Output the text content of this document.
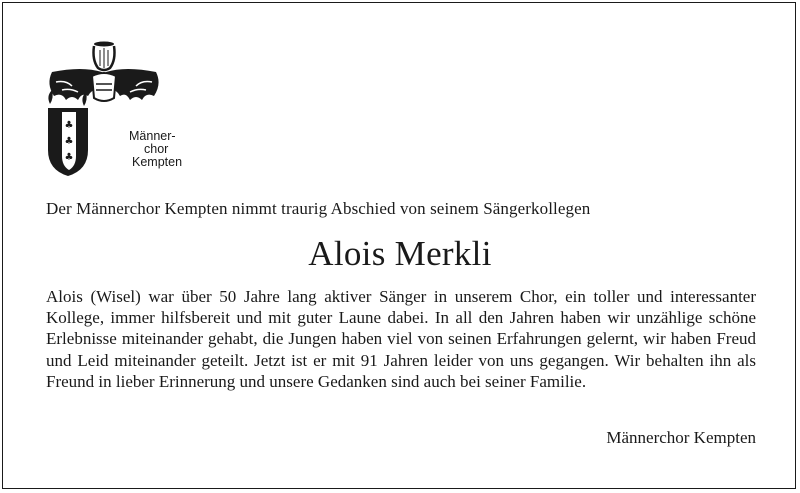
♣
♣
♣
Männer-
chor
Kempten
Der Männerchor Kempten nimmt traurig Abschied von seinem Sängerkollegen
Alois Merkli
Alois (Wisel) war über 50 Jahre lang aktiver Sänger in unserem Chor, ein toller und interessanter Kollege, immer hilfsbereit und mit guter Laune dabei. In all den Jahren haben wir unzählige schöne Erlebnisse miteinander gehabt, die Jungen haben viel von seinen Erfahrungen gelernt, wir haben Freud und Leid miteinander geteilt. Jetzt ist er mit 91 Jahren leider von uns gegangen. Wir behalten ihn als Freund in lieber Erinnerung und unsere Gedanken sind auch bei seiner Familie.
Männerchor Kempten
